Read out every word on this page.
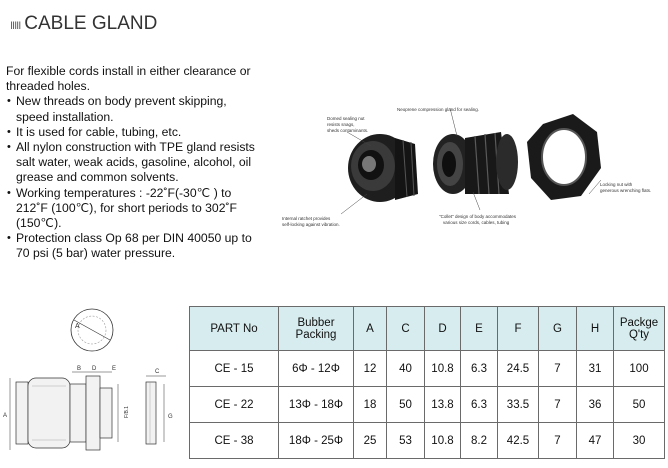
IIIII CABLE GLAND

For flexible cords install in either clearance or threaded holes.

• New threads on body prevent skipping, speed installation.
• It is used for cable, tubing, etc.
• All nylon construction with TPE gland resists salt water, weak acids, gasoline, alcohol, oil grease and common solvents.
• Working temperatures : -22˚F(-30℃ ) to 212˚F (100℃), for short periods to 302˚F (150℃).
• Protection class Op 68 per DIN 40050 up to 70 psi (5 bar) water pressure.
Neoprene compression gland for sealing.
Domed sealing nut
resists snags,
sheds contaminants.
Locking nut with
generous wrenching flats.
Internal ratchet provides
self-locking against vibration.
"Collet" design of body accommodates
various size cords, cables, tubing
A
A
B D	E
F/B.1
C
G
PART No	Bubber Packing	A	C	D	E	F	G	H	Packge Q'ty
CE - 15	6Φ - 12Φ	12	40	10.8	6.3	24.5	7	31	100
CE - 22	13Φ - 18Φ	18	50	13.8	6.3	33.5	7	36	50
CE - 38	18Φ - 25Φ	25	53	10.8	8.2	42.5	7	47	30
